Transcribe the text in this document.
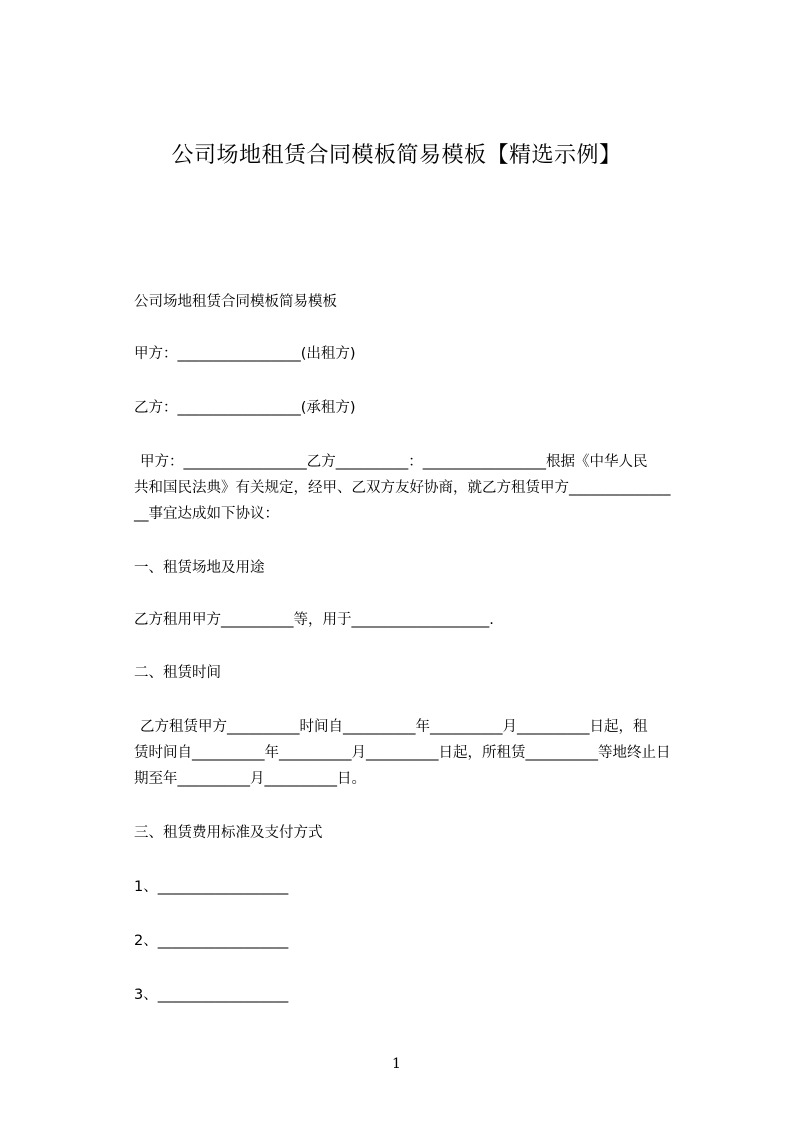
公司场地租赁合同模板简易模板【精选示例】
公司场地租赁合同模板简易模板
甲方：_________________(出租方)
乙方：_________________(承租方)
甲方：_________________乙方__________：_________________根据《中华人民
共和国民法典》有关规定，经甲、乙双方友好协商，就乙方租赁甲方______________
__事宜达成如下协议：
一、租赁场地及用途
乙方租用甲方__________等，用于___________________.
二、租赁时间
乙方租赁甲方__________时间自__________年__________月__________日起，租
赁时间自__________年__________月__________日起，所租赁__________等地终止日
期至年__________月__________日。
三、租赁费用标准及支付方式
1、__________________
2、__________________
3、__________________
1
